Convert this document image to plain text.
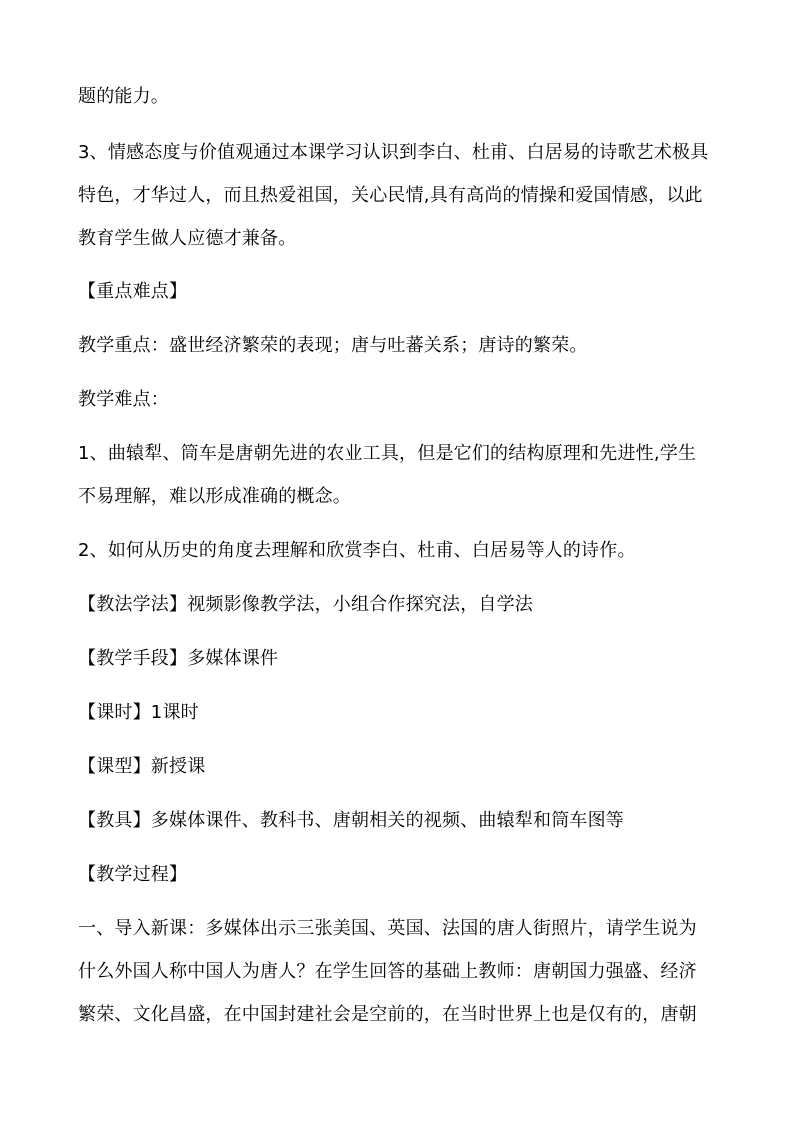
题的能力。
3、情感态度与价值观通过本课学习认识到李白、杜甫、白居易的诗歌艺术极具
特色，才华过人，而且热爱祖国，关心民情,具有高尚的情操和爱国情感，以此
教育学生做人应德才兼备。
【重点难点】
教学重点：盛世经济繁荣的表现；唐与吐蕃关系；唐诗的繁荣。
教学难点：
1、曲辕犁、筒车是唐朝先进的农业工具，但是它们的结构原理和先进性,学生
不易理解，难以形成准确的概念。
2、如何从历史的角度去理解和欣赏李白、杜甫、白居易等人的诗作。
【教法学法】视频影像教学法，小组合作探究法，自学法
【教学手段】多媒体课件
【课时】1课时
【课型】新授课
【教具】多媒体课件、教科书、唐朝相关的视频、曲辕犁和筒车图等
【教学过程】
一、导入新课：多媒体出示三张美国、英国、法国的唐人街照片，请学生说为
什么外国人称中国人为唐人？在学生回答的基础上教师：唐朝国力强盛、经济
繁荣、文化昌盛，在中国封建社会是空前的，在当时世界上也是仅有的，唐朝
